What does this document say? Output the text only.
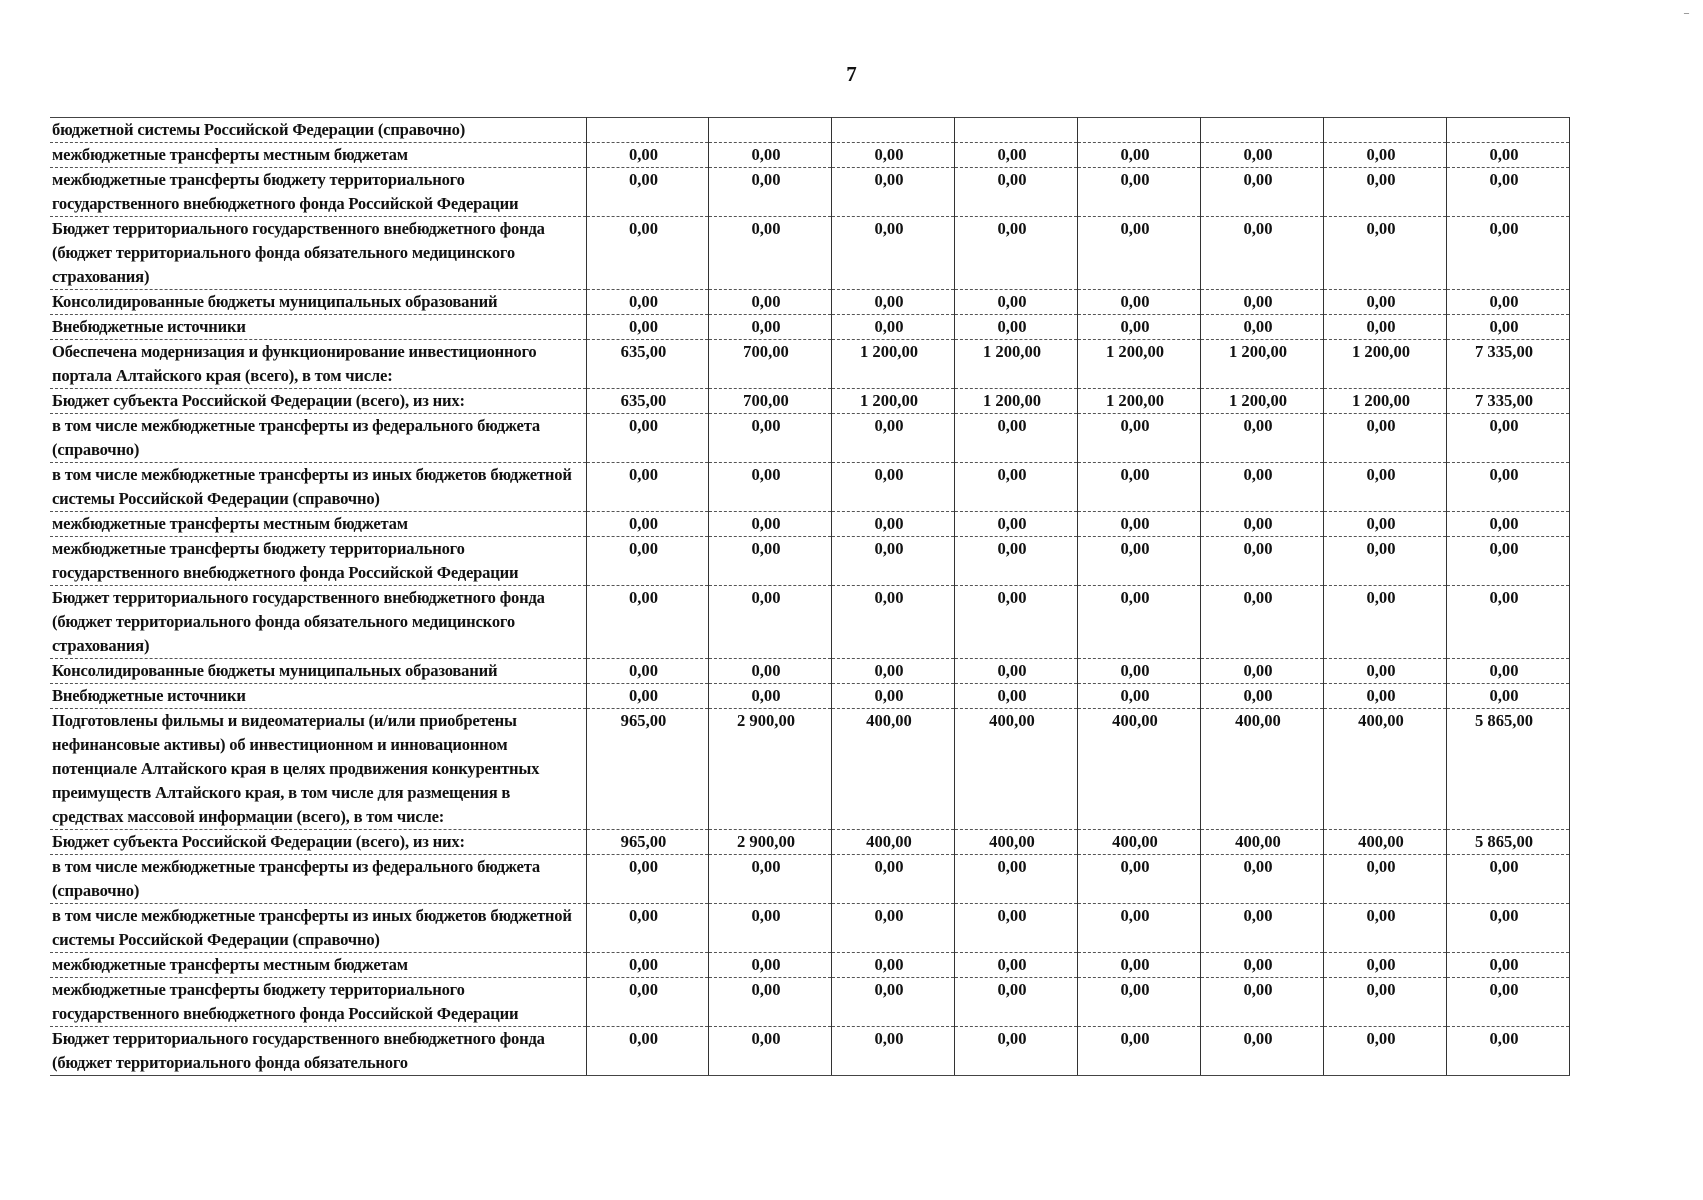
7
–
бюджетной системы Российской Федерации (справочно)								
межбюджетные трансферты местным бюджетам	0,00	0,00	0,00	0,00	0,00	0,00	0,00	0,00
межбюджетные трансферты бюджету территориального государственного внебюджетного фонда Российской Федерации	0,00	0,00	0,00	0,00	0,00	0,00	0,00	0,00
Бюджет территориального государственного внебюджетного фонда (бюджет территориального фонда обязательного медицинского страхования)	0,00	0,00	0,00	0,00	0,00	0,00	0,00	0,00
Консолидированные бюджеты муниципальных образований	0,00	0,00	0,00	0,00	0,00	0,00	0,00	0,00
Внебюджетные источники	0,00	0,00	0,00	0,00	0,00	0,00	0,00	0,00
Обеспечена модернизация и функционирование инвестиционного портала Алтайского края (всего), в том числе:	635,00	700,00	1 200,00	1 200,00	1 200,00	1 200,00	1 200,00	7 335,00
Бюджет субъекта Российской Федерации (всего), из них:	635,00	700,00	1 200,00	1 200,00	1 200,00	1 200,00	1 200,00	7 335,00
в том числе межбюджетные трансферты из федерального бюджета (справочно)	0,00	0,00	0,00	0,00	0,00	0,00	0,00	0,00
в том числе межбюджетные трансферты из иных бюджетов бюджетной системы Российской Федерации (справочно)	0,00	0,00	0,00	0,00	0,00	0,00	0,00	0,00
межбюджетные трансферты местным бюджетам	0,00	0,00	0,00	0,00	0,00	0,00	0,00	0,00
межбюджетные трансферты бюджету территориального государственного внебюджетного фонда Российской Федерации	0,00	0,00	0,00	0,00	0,00	0,00	0,00	0,00
Бюджет территориального государственного внебюджетного фонда (бюджет территориального фонда обязательного медицинского страхования)	0,00	0,00	0,00	0,00	0,00	0,00	0,00	0,00
Консолидированные бюджеты муниципальных образований	0,00	0,00	0,00	0,00	0,00	0,00	0,00	0,00
Внебюджетные источники	0,00	0,00	0,00	0,00	0,00	0,00	0,00	0,00
Подготовлены фильмы и видеоматериалы (и/или приобретены нефинансовые активы) об инвестиционном и инновационном потенциале Алтайского края в целях продвижения конкурентных преимуществ Алтайского края, в том числе для размещения в средствах массовой информации (всего), в том числе:	965,00	2 900,00	400,00	400,00	400,00	400,00	400,00	5 865,00
Бюджет субъекта Российской Федерации (всего), из них:	965,00	2 900,00	400,00	400,00	400,00	400,00	400,00	5 865,00
в том числе межбюджетные трансферты из федерального бюджета (справочно)	0,00	0,00	0,00	0,00	0,00	0,00	0,00	0,00
в том числе межбюджетные трансферты из иных бюджетов бюджетной системы Российской Федерации (справочно)	0,00	0,00	0,00	0,00	0,00	0,00	0,00	0,00
межбюджетные трансферты местным бюджетам	0,00	0,00	0,00	0,00	0,00	0,00	0,00	0,00
межбюджетные трансферты бюджету территориального государственного внебюджетного фонда Российской Федерации	0,00	0,00	0,00	0,00	0,00	0,00	0,00	0,00
Бюджет территориального государственного внебюджетного фонда (бюджет территориального фонда обязательного	0,00	0,00	0,00	0,00	0,00	0,00	0,00	0,00
